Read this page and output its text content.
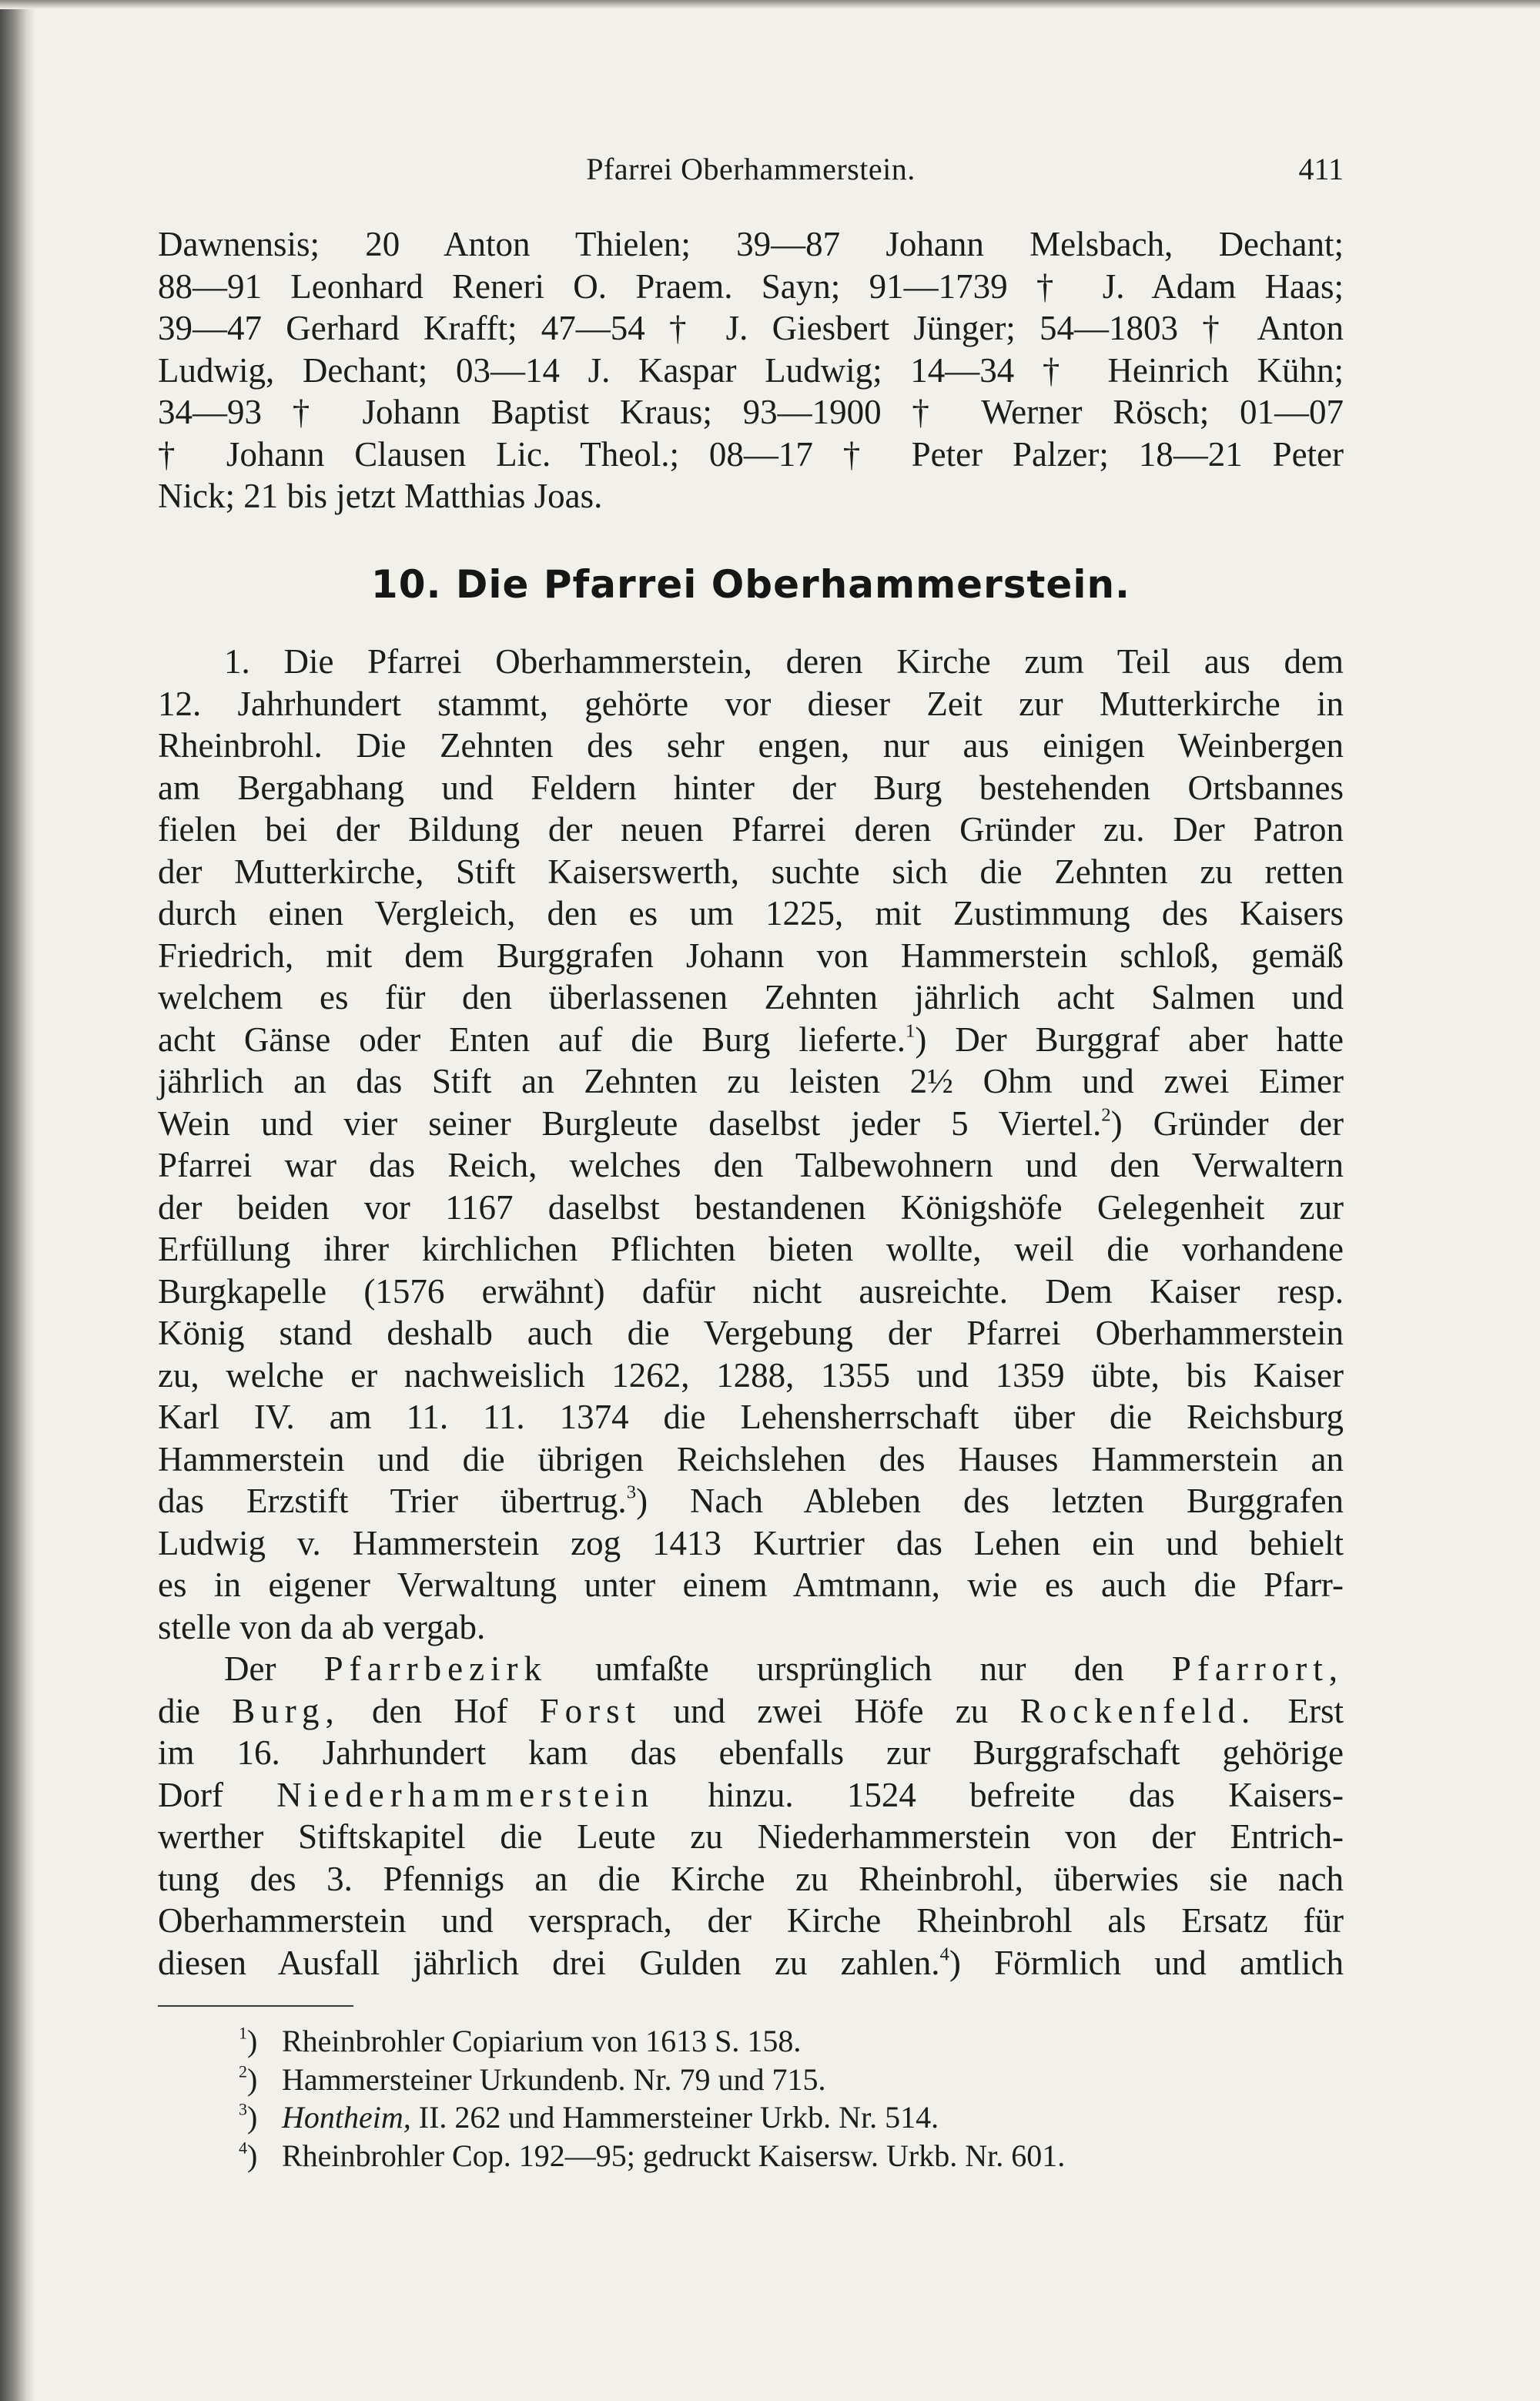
Pfarrei Oberhammerstein.	411
Dawnensis; 20 Anton Thielen; 39—87 Johann Melsbach, Dechant;
88—91 Leonhard Reneri O. Praem. Sayn; 91—1739 † J. Adam Haas;
39—47 Gerhard Krafft; 47—54 † J. Giesbert Jünger; 54—1803 † Anton
Ludwig, Dechant; 03—14 J. Kaspar Ludwig; 14—34 † Heinrich Kühn;
34—93 † Johann Baptist Kraus; 93—1900 † Werner Rösch; 01—07
† Johann Clausen Lic. Theol.; 08—17 † Peter Palzer; 18—21 Peter
Nick; 21 bis jetzt Matthias Joas.
10. Die Pfarrei Oberhammerstein.
1. Die Pfarrei Oberhammerstein, deren Kirche zum Teil aus dem
12. Jahrhundert stammt, gehörte vor dieser Zeit zur Mutterkirche in
Rheinbrohl. Die Zehnten des sehr engen, nur aus einigen Weinbergen
am Bergabhang und Feldern hinter der Burg bestehenden Ortsbannes
fielen bei der Bildung der neuen Pfarrei deren Gründer zu. Der Patron
der Mutterkirche, Stift Kaiserswerth, suchte sich die Zehnten zu retten
durch einen Vergleich, den es um 1225, mit Zustimmung des Kaisers
Friedrich, mit dem Burggrafen Johann von Hammerstein schloß, gemäß
welchem es für den überlassenen Zehnten jährlich acht Salmen und
acht Gänse oder Enten auf die Burg lieferte.$^1$) Der Burggraf aber hatte
jährlich an das Stift an Zehnten zu leisten 2½ Ohm und zwei Eimer
Wein und vier seiner Burgleute daselbst jeder 5 Viertel.$^2$) Gründer der
Pfarrei war das Reich, welches den Talbewohnern und den Verwaltern
der beiden vor 1167 daselbst bestandenen Königshöfe Gelegenheit zur
Erfüllung ihrer kirchlichen Pflichten bieten wollte, weil die vorhandene
Burgkapelle (1576 erwähnt) dafür nicht ausreichte. Dem Kaiser resp.
König stand deshalb auch die Vergebung der Pfarrei Oberhammerstein
zu, welche er nachweislich 1262, 1288, 1355 und 1359 übte, bis Kaiser
Karl IV. am 11. 11. 1374 die Lehensherrschaft über die Reichsburg
Hammerstein und die übrigen Reichslehen des Hauses Hammerstein an
das Erzstift Trier übertrug.$^3$) Nach Ableben des letzten Burggrafen
Ludwig v. Hammerstein zog 1413 Kurtrier das Lehen ein und behielt
es in eigener Verwaltung unter einem Amtmann, wie es auch die Pfarr-
stelle von da ab vergab.
Der Pfarrbezirk umfaßte ursprünglich nur den Pfarrort,
die Burg, den Hof Forst und zwei Höfe zu Rockenfeld. Erst
im 16. Jahrhundert kam das ebenfalls zur Burggrafschaft gehörige
Dorf Niederhammerstein hinzu. 1524 befreite das Kaisers-
werther Stiftskapitel die Leute zu Niederhammerstein von der Entrich-
tung des 3. Pfennigs an die Kirche zu Rheinbrohl, überwies sie nach
Oberhammerstein und versprach, der Kirche Rheinbrohl als Ersatz für
diesen Ausfall jährlich drei Gulden zu zahlen.$^4$) Förmlich und amtlich
$^1$) Rheinbrohler Copiarium von 1613 S. 158.
$^2$) Hammersteiner Urkundenb. Nr. 79 und 715.
$^3$) Hontheim, II. 262 und Hammersteiner Urkb. Nr. 514.
$^4$) Rheinbrohler Cop. 192—95; gedruckt Kaisersw. Urkb. Nr. 601.
